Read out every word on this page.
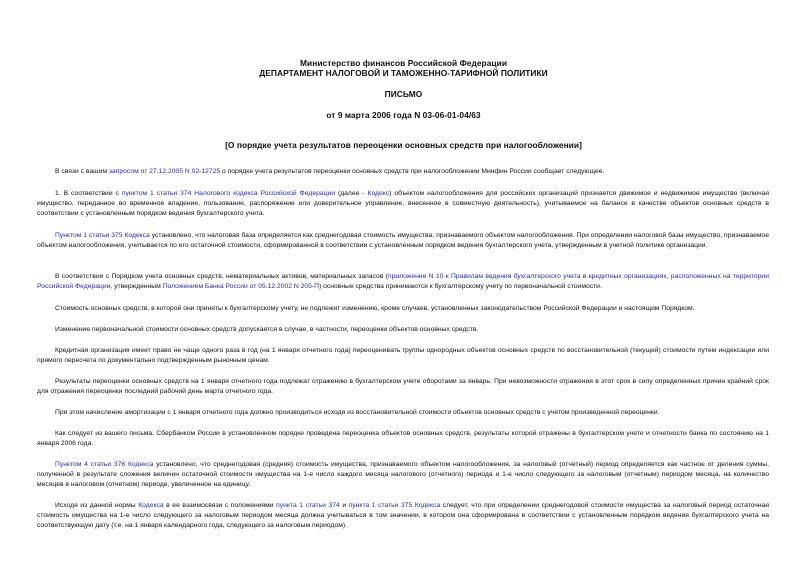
Министерство финансов Российской Федерации
ДЕПАРТАМЕНТ НАЛОГОВОЙ И ТАМОЖЕННО-ТАРИФНОЙ ПОЛИТИКИ
ПИСЬМО
от 9 марта 2006 года N 03-06-01-04/63
[О порядке учета результатов переоценки основных средств при налогообложении]

В связи с вашим запросом от 27.12.2005 N 02-12725 о порядке учета результатов переоценки основных средств при налогообложении Минфин России сообщает следующее.

1. В соответствии с пунктом 1 статьи 374 Налогового кодекса Российской Федерации (далее - Кодекс) объектом налогообложения для российских организаций признается движимое и недвижимое имущество (включая имущество, переданное во временное владение, пользование, распоряжение или доверительное управление, внесенное в совместную деятельность), учитываемое на балансе в качестве объектов основных средств в соответствии с установленным порядком ведения бухгалтерского учета.

Пунктом 1 статьи 375 Кодекса установлено, что налоговая база определяется как среднегодовая стоимость имущества, признаваемого объектом налогообложения. При определении налоговой базы имущество, признаваемое объектом налогообложения, учитывается по его остаточной стоимости, сформированной в соответствии с установленным порядком ведения бухгалтерского учета, утвержденным в учетной политике организации.

В соответствии с Порядком учета основных средств, нематериальных активов, материальных запасов (приложение N 10 к Правилам ведения бухгалтерского учета в кредитных организациях, расположенных на территории Российской Федерации, утвержденным Положением Банка России от 05.12.2002 N 205-П) основные средства принимаются к бухгалтерскому учету по первоначальной стоимости.

Стоимость основных средств, в которой они приняты к бухгалтерскому учету, не подлежит изменению, кроме случаев, установленных законодательством Российской Федерации и настоящим Порядком.

Изменение первоначальной стоимости основных средств допускается в случае, в частности, переоценки объектов основных средств.

Кредитная организация имеет право не чаще одного раза в год (на 1 января отчетного года) переоценивать группы однородных объектов основных средств по восстановительной (текущей) стоимости путем индексации или прямого пересчета по документально подтвержденным рыночным ценам.

Результаты переоценки основных средств на 1 января отчетного года подлежат отражению в бухгалтерском учете оборотами за январь. При невозможности отражения в этот срок в силу определенных причин крайний срок для отражения переоценки последний рабочий день марта отчетного года.

При этом начисление амортизации с 1 января отчетного года должно производиться исходя из восстановительной стоимости объектов основных средств с учетом произведенной переоценки.

Как следует из вашего письма, Сбербанком России в установленном порядке проведена переоценка объектов основных средств, результаты которой отражены в бухгалтерском учете и отчетности банка по состоянию на 1 января 2006 года.

Пунктом 4 статьи 376 Кодекса установлено, что среднегодовая (средняя) стоимость имущества, признаваемого объектом налогообложения, за налоговый (отчетный) период определяется как частное от деления суммы, полученной в результате сложения величин остаточной стоимости имущества на 1-е число каждого месяца налогового (отчетного) периода и 1-е число следующего за налоговым (отчетным) периодом месяца, на количество месяцев в налоговом (отчетном) периоде, увеличенное на единицу.

Исходя из данной нормы Кодекса в ее взаимосвязи с положениями пункта 1 статьи 374 и пункта 1 статьи 375 Кодекса следует, что при определении среднегодовой стоимости имущества за налоговый период остаточная стоимость имущества на 1-е число следующего за налоговым периодом месяца должна учитываться в том значении, в котором она сформирована в соответствии с установленным порядком ведения бухгалтерского учета на соответствующую дату (т.е. на 1 января календарного года, следующего за налоговым периодом).
